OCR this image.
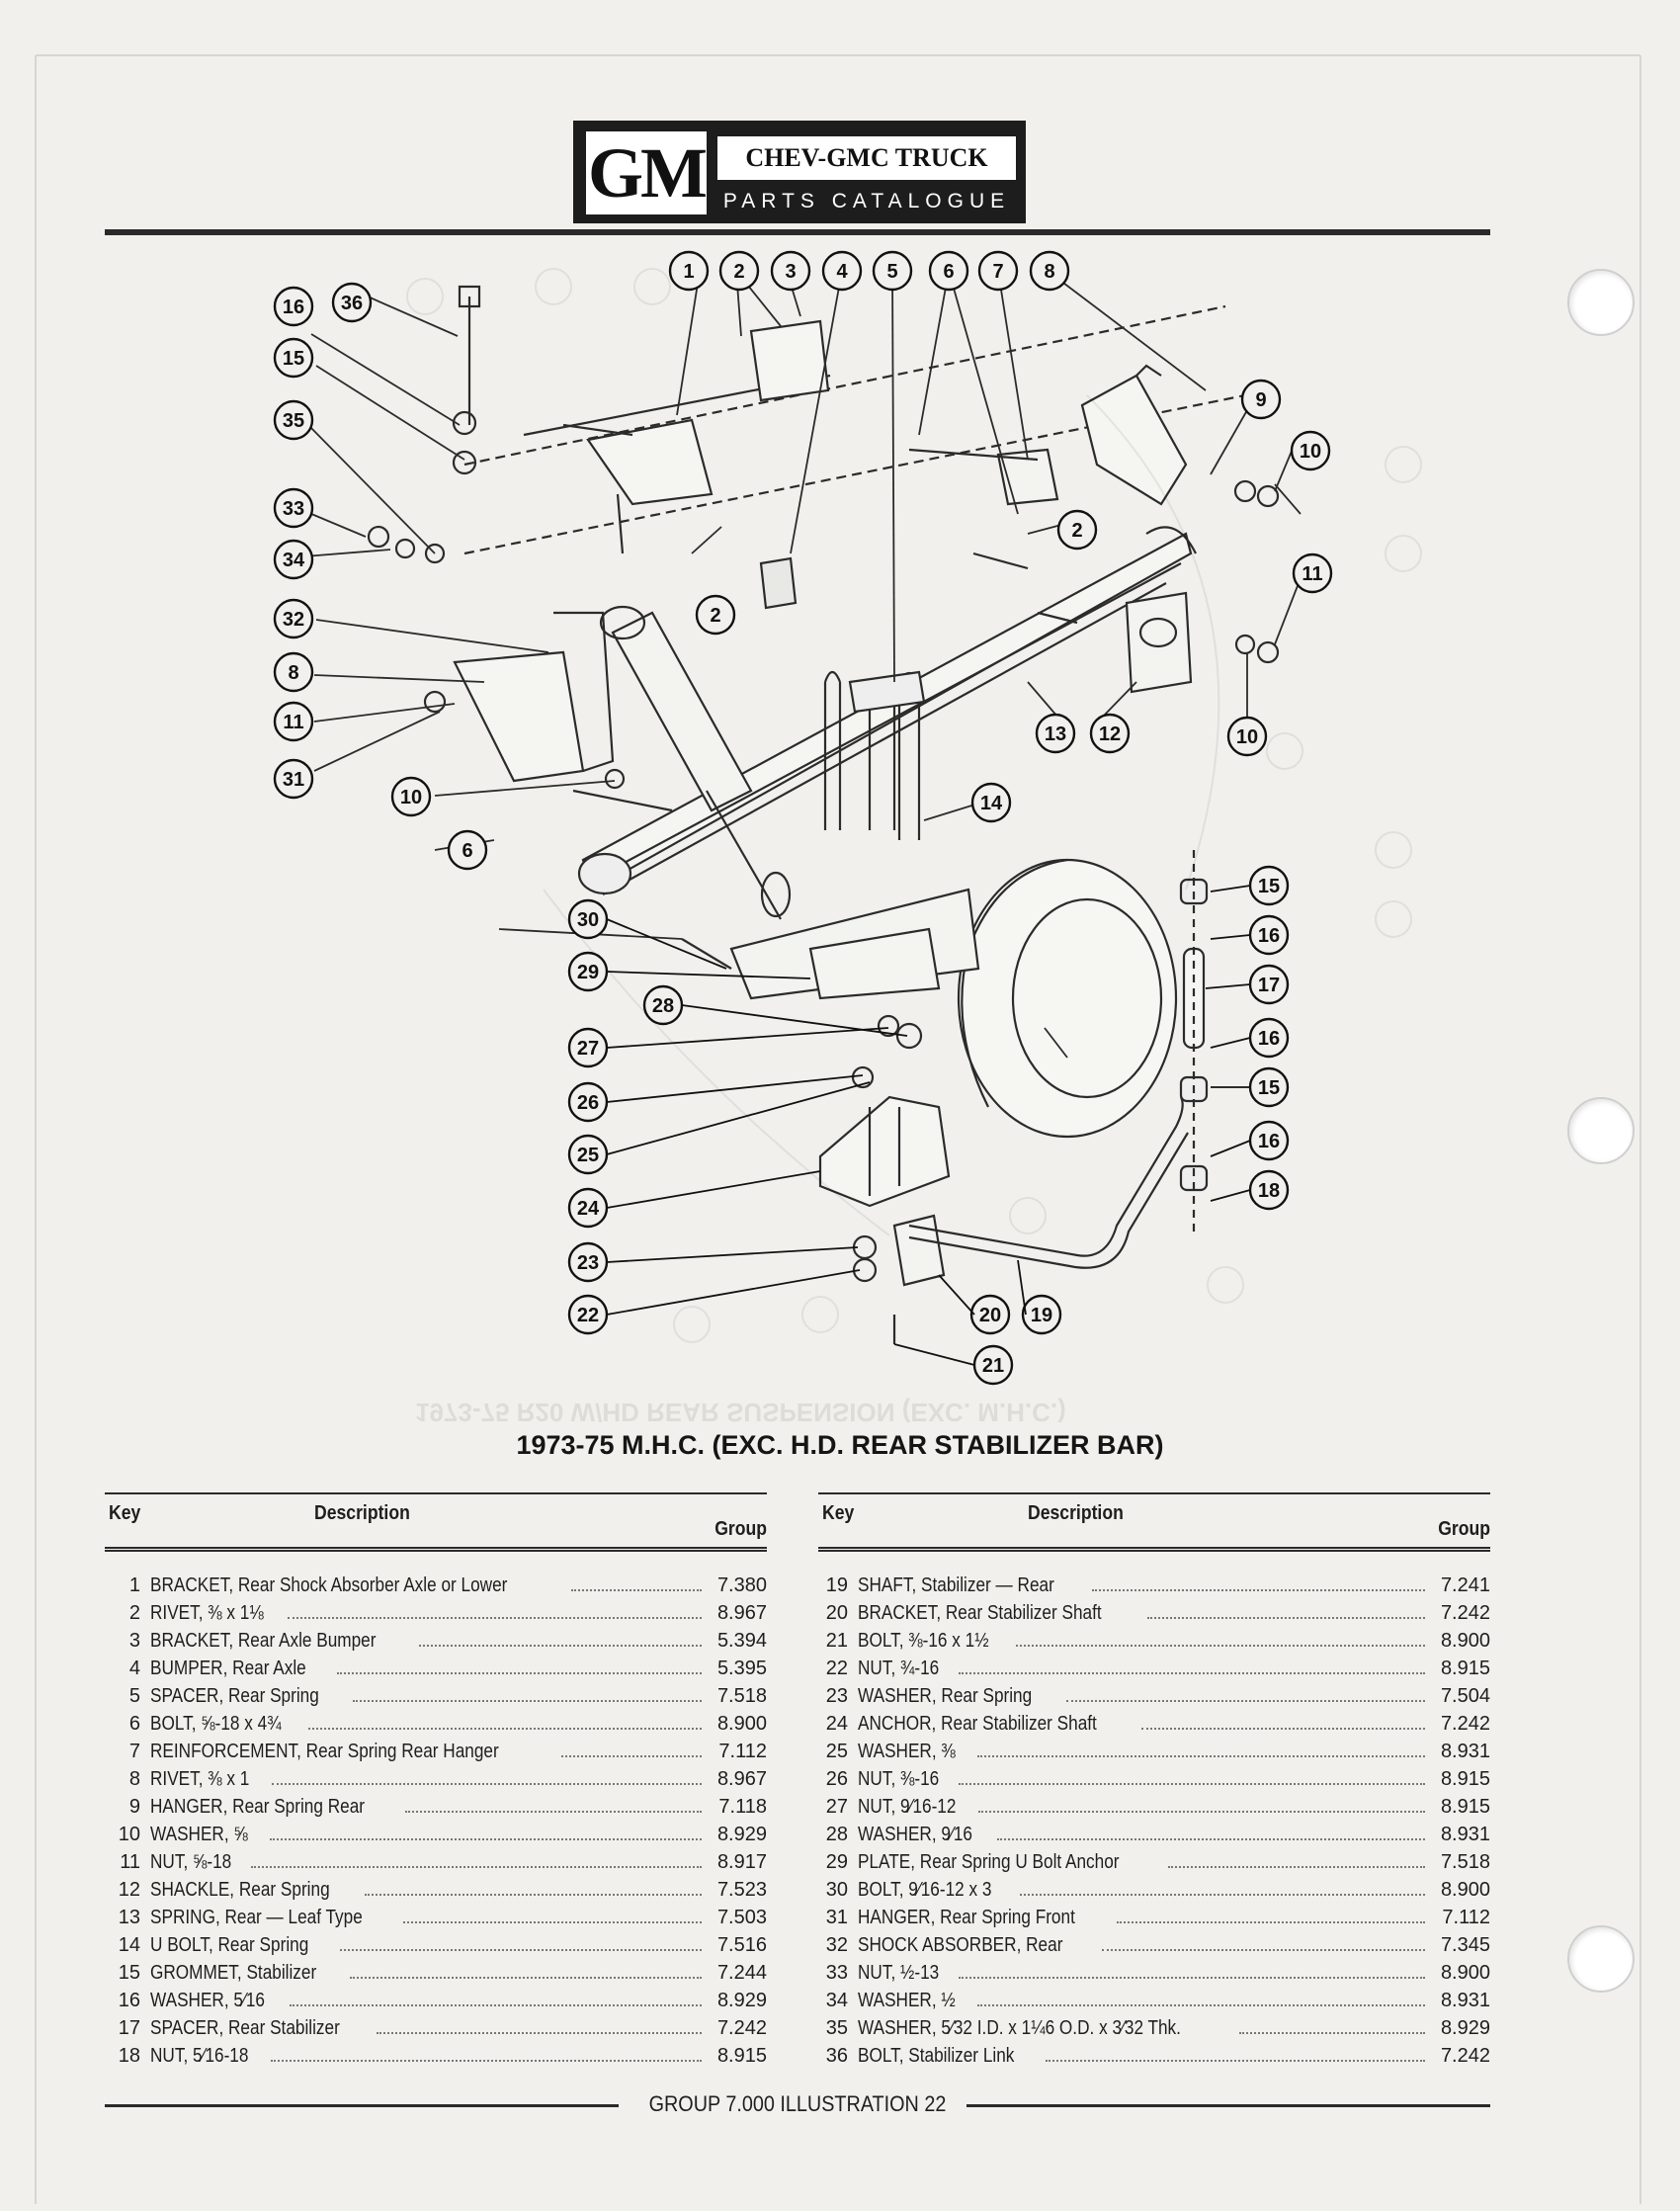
GM	CHEV-GMC TRUCK
PARTS CATALOGUE
1 2 3 4 5 6 7 8
36
16
15
35
33
34
32
8
11
31
10
6
2
2
9
10
11
13 12	10
14
15
16
17
16
15
16
18
30
29
28
27
26
25
24
23
22	20 19
21
1973-75 R20 W/HD REAR SUSPENSION (EXC. M.H.C.)
1973-75 M.H.C. (EXC. H.D. REAR STABILIZER BAR)
Key	Description
Group
1 BRACKET, Rear Shock Absorber Axle or Lower	7.380
2 RIVET, ⅜ x 1⅛	8.967
3 BRACKET, Rear Axle Bumper	5.394
4 BUMPER, Rear Axle	5.395
5 SPACER, Rear Spring	7.518
6 BOLT, ⅝-18 x 4¾	8.900
7 REINFORCEMENT, Rear Spring Rear Hanger	7.112
8 RIVET, ⅜ x 1	8.967
9 HANGER, Rear Spring Rear	7.118
10 WASHER, ⅝	8.929
11 NUT, ⅝-18	8.917
12 SHACKLE, Rear Spring	7.523
13 SPRING, Rear — Leaf Type	7.503
14 U BOLT, Rear Spring	7.516
15 GROMMET, Stabilizer	7.244
16 WASHER, 5⁄16	8.929
17 SPACER, Rear Stabilizer	7.242
18 NUT, 5⁄16-18	8.915
Key	Description
Group
19 SHAFT, Stabilizer — Rear	7.241
20 BRACKET, Rear Stabilizer Shaft	7.242
21 BOLT, ⅜-16 x 1½	8.900
22 NUT, ¾-16	8.915
23 WASHER, Rear Spring	7.504
24 ANCHOR, Rear Stabilizer Shaft	7.242
25 WASHER, ⅜	8.931
26 NUT, ⅜-16	8.915
27 NUT, 9⁄16-12	8.915
28 WASHER, 9⁄16	8.931
29 PLATE, Rear Spring U Bolt Anchor	7.518
30 BOLT, 9⁄16-12 x 3	8.900
31 HANGER, Rear Spring Front	7.112
32 SHOCK ABSORBER, Rear	7.345
33 NUT, ½-13	8.900
34 WASHER, ½	8.931
35 WASHER, 5⁄32 I.D. x 1¼6 O.D. x 3⁄32 Thk.	8.929
36 BOLT, Stabilizer Link	7.242
GROUP 7.000 ILLUSTRATION 22
